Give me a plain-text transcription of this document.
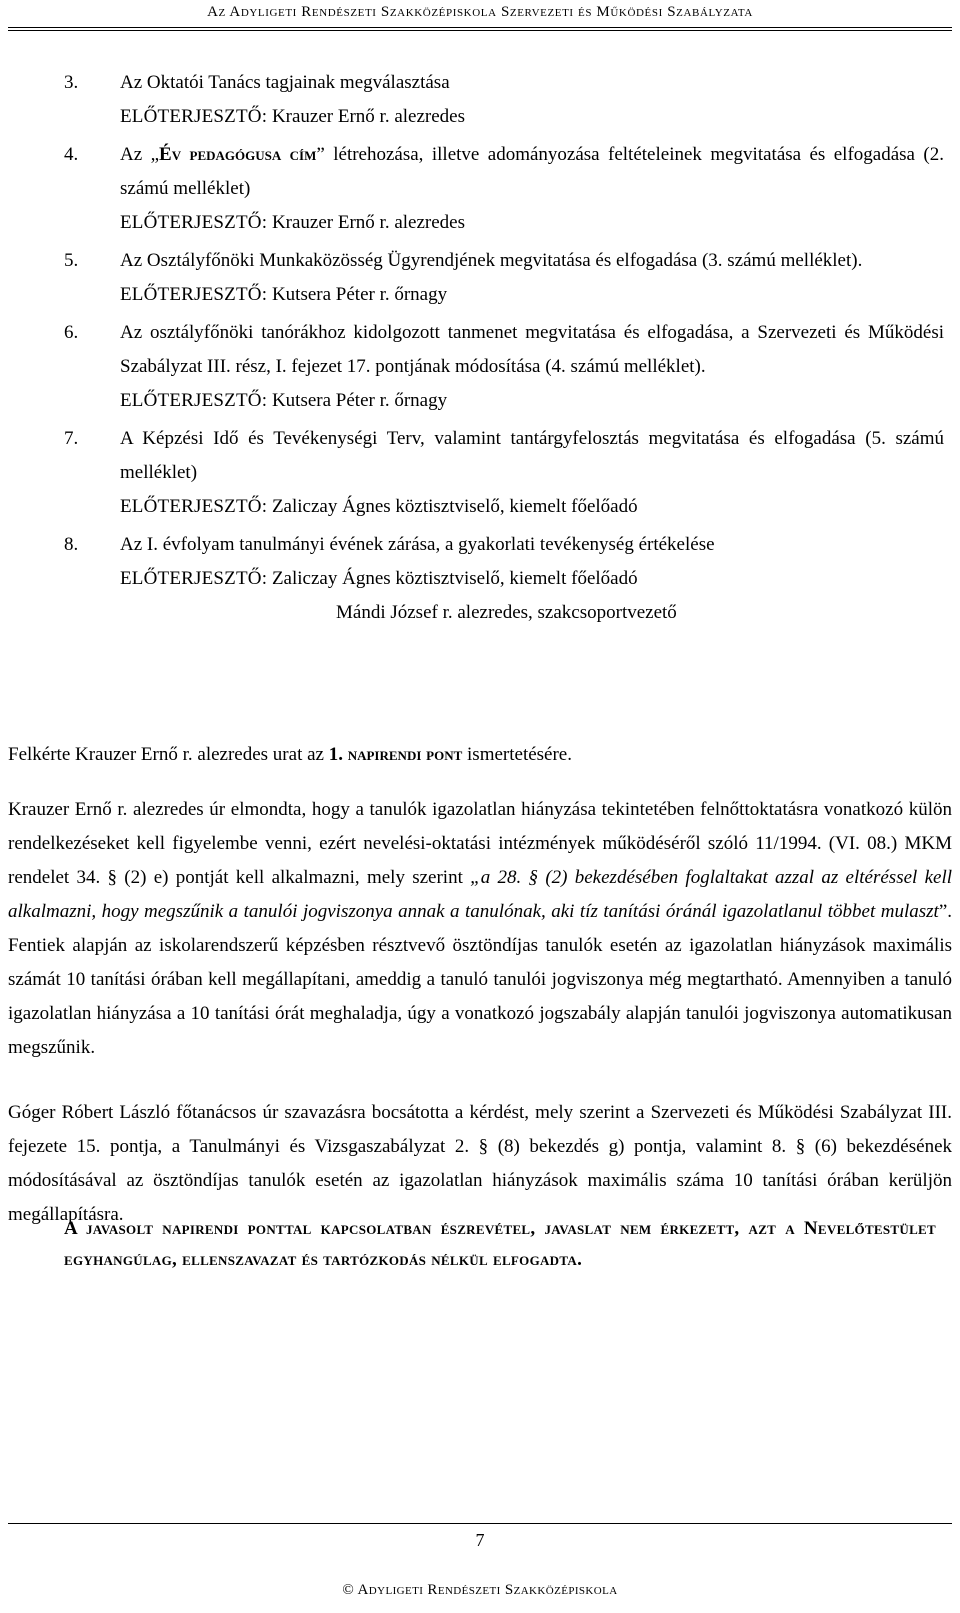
Az Adyligeti Rendészeti Szakközépiskola Szervezeti és Működési Szabályzata
3. Az Oktatói Tanács tagjainak megválasztása
ELŐTERJESZTŐ: Krauzer Ernő r. alezredes
4. Az „Év pedagógusa cím” létrehozása, illetve adományozása feltételeinek megvitatása és elfogadása (2. számú melléklet)
ELŐTERJESZTŐ: Krauzer Ernő r. alezredes
5. Az Osztályfőnöki Munkaközösség Ügyrendjének megvitatása és elfogadása (3. számú melléklet).
ELŐTERJESZTŐ: Kutsera Péter r. őrnagy
6. Az osztályfőnöki tanórákhoz kidolgozott tanmenet megvitatása és elfogadása, a Szervezeti és Működési Szabályzat III. rész, I. fejezet 17. pontjának módosítása (4. számú melléklet).
ELŐTERJESZTŐ: Kutsera Péter r. őrnagy
7. A Képzési Idő és Tevékenységi Terv, valamint tantárgyfelosztás megvitatása és elfogadása (5. számú melléklet)
ELŐTERJESZTŐ: Zaliczay Ágnes köztisztviselő, kiemelt főelőadó
8. Az I. évfolyam tanulmányi évének zárása, a gyakorlati tevékenység értékelése
ELŐTERJESZTŐ: Zaliczay Ágnes köztisztviselő, kiemelt főelőadó
Mándi József r. alezredes, szakcsoportvezető
Felkérte Krauzer Ernő r. alezredes urat az 1. napirendi pont ismertetésére.
Krauzer Ernő r. alezredes úr elmondta, hogy a tanulók igazolatlan hiányzása tekintetében felnőttoktatásra vonatkozó külön rendelkezéseket kell figyelembe venni, ezért nevelési-oktatási intézmények működéséről szóló 11/1994. (VI. 08.) MKM rendelet 34. § (2) e) pontját kell alkalmazni, mely szerint „a 28. § (2) bekezdésében foglaltakat azzal az eltéréssel kell alkalmazni, hogy megszűnik a tanulói jogviszonya annak a tanulónak, aki tíz tanítási óránál igazolatlanul többet mulaszt”. Fentiek alapján az iskolarendszerű képzésben résztvevő ösztöndíjas tanulók esetén az igazolatlan hiányzások maximális számát 10 tanítási órában kell megállapítani, ameddig a tanuló tanulói jogviszonya még megtartható. Amennyiben a tanuló igazolatlan hiányzása a 10 tanítási órát meghaladja, úgy a vonatkozó jogszabály alapján tanulói jogviszonya automatikusan megszűnik.
Góger Róbert László főtanácsos úr szavazásra bocsátotta a kérdést, mely szerint a Szervezeti és Működési Szabályzat III. fejezete 15. pontja, a Tanulmányi és Vizsgaszabályzat 2. § (8) bekezdés g) pontja, valamint 8. § (6) bekezdésének módosításával az ösztöndíjas tanulók esetén az igazolatlan hiányzások maximális száma 10 tanítási órában kerüljön megállapításra.
A javasolt napirendi ponttal kapcsolatban észrevétel, javaslat nem érkezett, azt a Nevelőtestület egyhangúlag, ellenszavazat és tartózkodás nélkül elfogadta.
7
© Adyligeti Rendészeti Szakközépiskola
